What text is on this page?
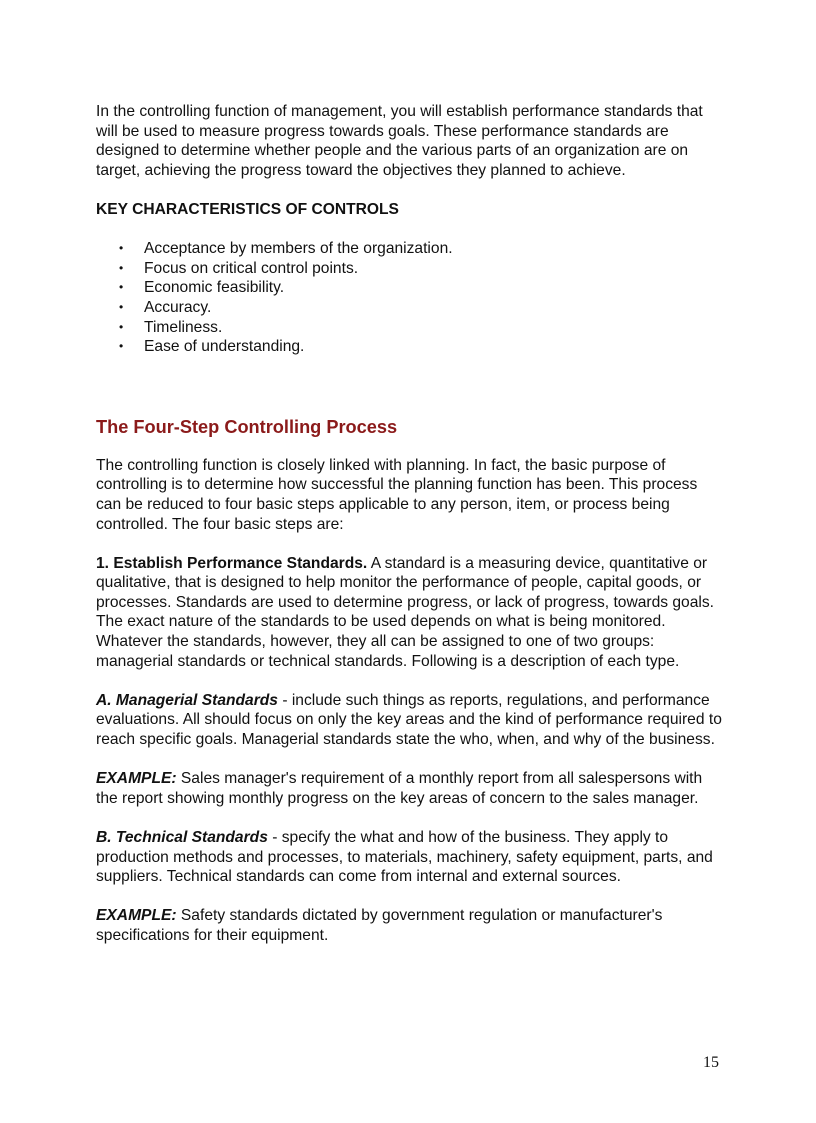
In the controlling function of management, you will establish performance standards that will be used to measure progress towards goals. These performance standards are designed to determine whether people and the various parts of an organization are on target, achieving the progress toward the objectives they planned to achieve.

KEY CHARACTERISTICS OF CONTROLS

• Acceptance by members of the organization.
• Focus on critical control points.
• Economic feasibility.
• Accuracy.
• Timeliness.
• Ease of understanding.
The Four-Step Controlling Process

The controlling function is closely linked with planning. In fact, the basic purpose of controlling is to determine how successful the planning function has been. This process can be reduced to four basic steps applicable to any person, item, or process being controlled. The four basic steps are:

1. Establish Performance Standards. A standard is a measuring device, quantitative or qualitative, that is designed to help monitor the performance of people, capital goods, or processes. Standards are used to determine progress, or lack of progress, towards goals. The exact nature of the standards to be used depends on what is being monitored. Whatever the standards, however, they all can be assigned to one of two groups: managerial standards or technical standards. Following is a description of each type.

A. Managerial Standards - include such things as reports, regulations, and performance evaluations. All should focus on only the key areas and the kind of performance required to reach specific goals. Managerial standards state the who, when, and why of the business.

EXAMPLE: Sales manager's requirement of a monthly report from all salespersons with the report showing monthly progress on the key areas of concern to the sales manager.

B. Technical Standards - specify the what and how of the business. They apply to production methods and processes, to materials, machinery, safety equipment, parts, and suppliers. Technical standards can come from internal and external sources.

EXAMPLE: Safety standards dictated by government regulation or manufacturer's specifications for their equipment.

15
